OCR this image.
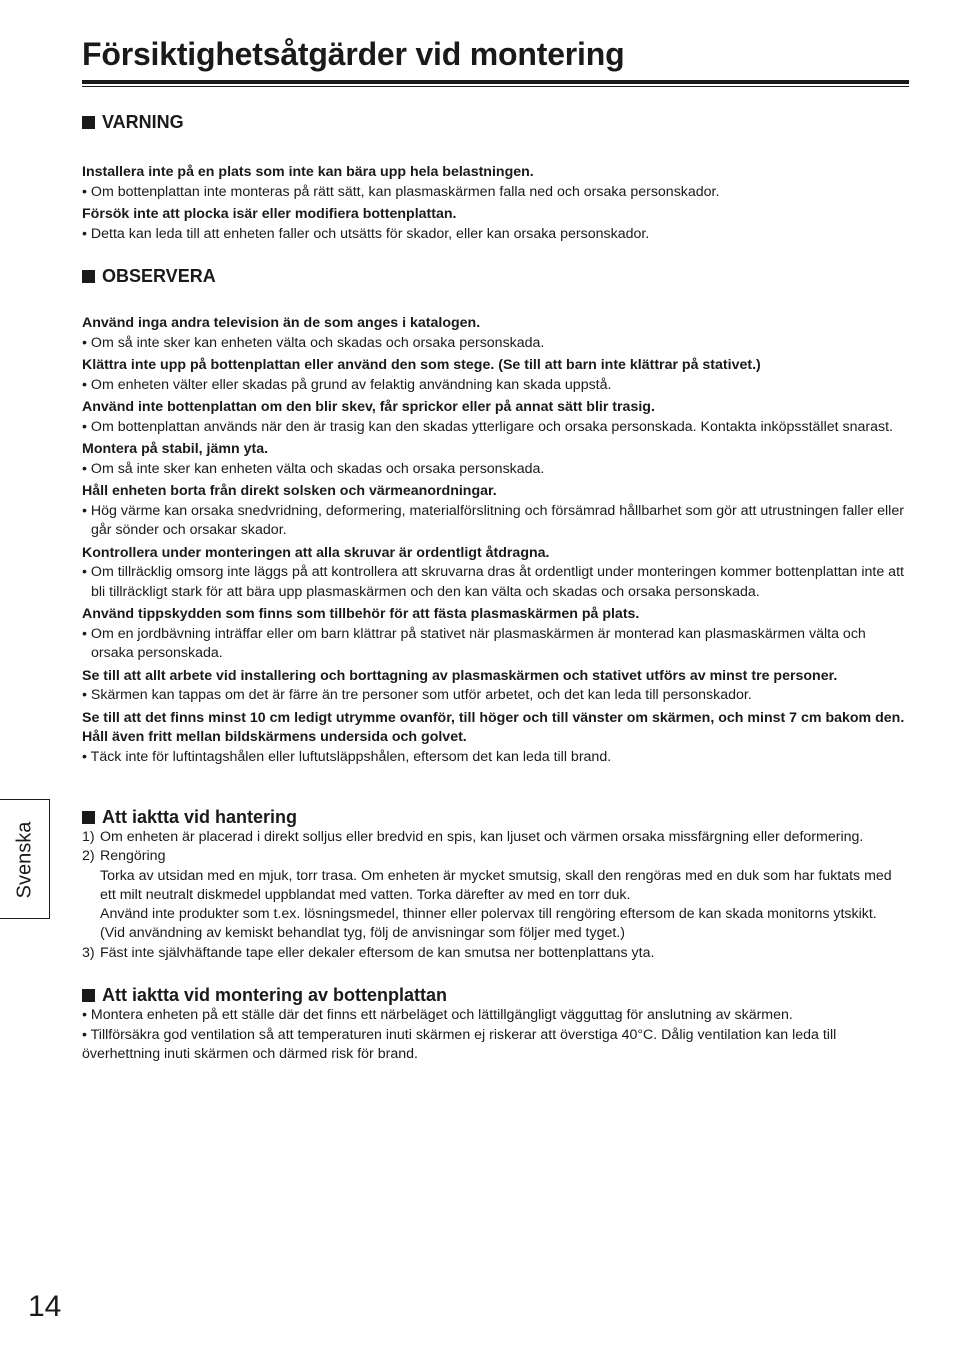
Försiktighetsåtgärder vid montering
VARNING

Installera inte på en plats som inte kan bära upp hela belastningen.

• Om bottenplattan inte monteras på rätt sätt, kan plasmaskärmen falla ned och orsaka personskador.

Försök inte att plocka isär eller modifiera bottenplattan.

• Detta kan leda till att enheten faller och utsätts för skador, eller kan orsaka personskador.

OBSERVERA

Använd inga andra television än de som anges i katalogen.

• Om så inte sker kan enheten välta och skadas och orsaka personskada.

Klättra inte upp på bottenplattan eller använd den som stege. (Se till att barn inte klättrar på stativet.)

• Om enheten välter eller skadas på grund av felaktig användning kan skada uppstå.

Använd inte bottenplattan om den blir skev, får sprickor eller på annat sätt blir trasig.

• Om bottenplattan används när den är trasig kan den skadas ytterligare och orsaka personskada. Kontakta inköpsstället snarast.

Montera på stabil, jämn yta.

• Om så inte sker kan enheten välta och skadas och orsaka personskada.

Håll enheten borta från direkt solsken och värmeanordningar.

• Hög värme kan orsaka snedvridning, deformering, materialförslitning och försämrad hållbarhet som gör att utrustningen faller eller går sönder och orsakar skador.

Kontrollera under monteringen att alla skruvar är ordentligt åtdragna.

• Om tillräcklig omsorg inte läggs på att kontrollera att skruvarna dras åt ordentligt under monteringen kommer bottenplattan inte att bli tillräckligt stark för att bära upp plasmaskärmen och den kan välta och skadas och orsaka personskada.

Använd tippskydden som finns som tillbehör för att fästa plasmaskärmen på plats.

• Om en jordbävning inträffar eller om barn klättrar på stativet när plasmaskärmen är monterad kan plasmaskärmen välta och orsaka personskada.

Se till att allt arbete vid installering och borttagning av plasmaskärmen och stativet utförs av minst tre personer.

• Skärmen kan tappas om det är färre än tre personer som utför arbetet, och det kan leda till personskador.

Se till att det finns minst 10 cm ledigt utrymme ovanför, till höger och till vänster om skärmen, och minst 7 cm bakom den. Håll även fritt mellan bildskärmens undersida och golvet.

• Täck inte för luftintagshålen eller luftutsläppshålen, eftersom det kan leda till brand.

Att iaktta vid hantering
1) Om enheten är placerad i direkt solljus eller bredvid en spis, kan ljuset och värmen orsaka missfärgning eller deformering.
2) Rengöring

Torka av utsidan med en mjuk, torr trasa. Om enheten är mycket smutsig, skall den rengöras med en duk som har fuktats med ett milt neutralt diskmedel uppblandat med vatten. Torka därefter av med en torr duk.

Använd inte produkter som t.ex. lösningsmedel, thinner eller polervax till rengöring eftersom de kan skada monitorns ytskikt.

(Vid användning av kemiskt behandlat tyg, följ de anvisningar som följer med tyget.)

3) Fäst inte självhäftande tape eller dekaler eftersom de kan smutsa ner bottenplattans yta.
Att iaktta vid montering av bottenplattan

• Montera enheten på ett ställe där det finns ett närbeläget och lättillgängligt vägguttag för anslutning av skärmen.

• Tillförsäkra god ventilation så att temperaturen inuti skärmen ej riskerar att överstiga 40°C. Dålig ventilation kan leda till överhettning inuti skärmen och därmed risk för brand.

Svenska
14
